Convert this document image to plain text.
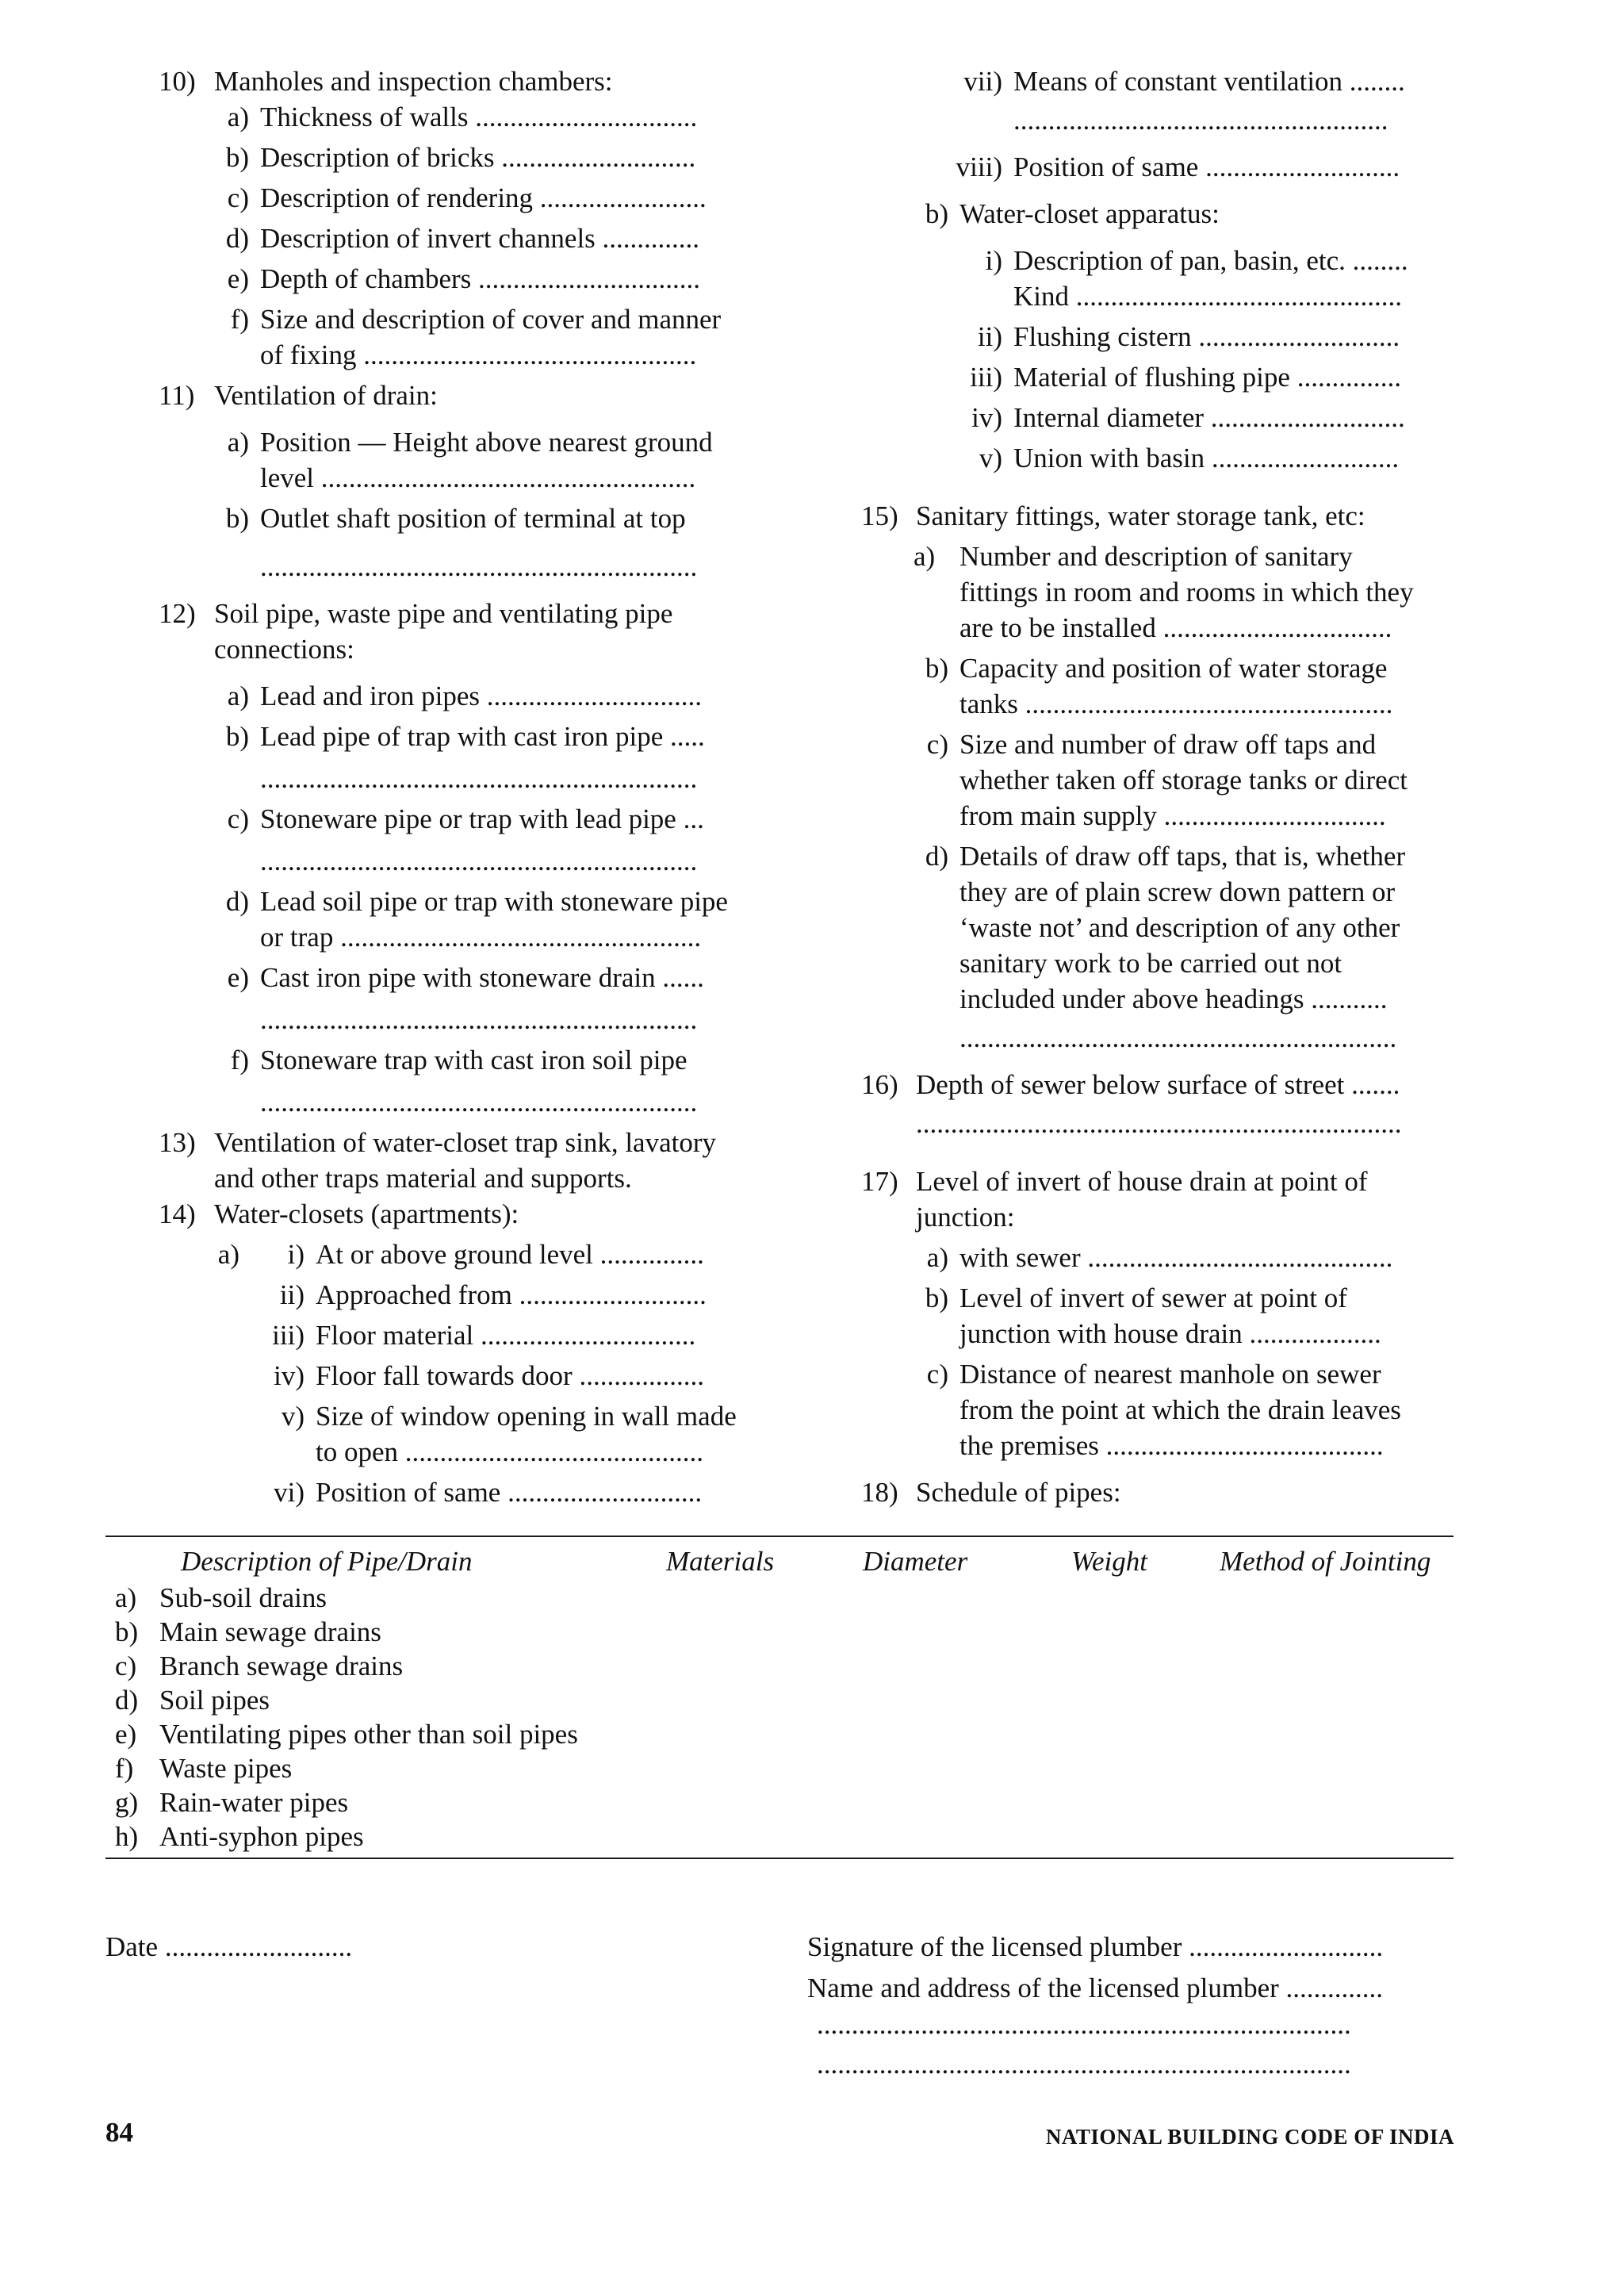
10) Manholes and inspection chambers:
a) Thickness of walls ................................
b) Description of bricks ............................
c) Description of rendering ........................
d) Description of invert channels ..............
e) Depth of chambers ................................
f) Size and description of cover and manner
of fixing ................................................
11) Ventilation of drain:
a) Position — Height above nearest ground
level ......................................................
b) Outlet shaft position of terminal at top
...............................................................
12) Soil pipe, waste pipe and ventilating pipe
connections:
a) Lead and iron pipes ...............................
b) Lead pipe of trap with cast iron pipe .....
...............................................................
c) Stoneware pipe or trap with lead pipe ...
...............................................................
d) Lead soil pipe or trap with stoneware pipe
or trap ....................................................
e) Cast iron pipe with stoneware drain ......
...............................................................
f) Stoneware trap with cast iron soil pipe
...............................................................
13) Ventilation of water-closet trap sink, lavatory
and other traps material and supports.
14) Water-closets (apartments):
a)	i) At or above ground level ...............
ii) Approached from ...........................
iii) Floor material ...............................
iv) Floor fall towards door ..................
v) Size of window opening in wall made
to open ...........................................
vi) Position of same ............................
vii) Means of constant ventilation ........
......................................................
viii) Position of same ............................
b) Water-closet apparatus:
i) Description of pan, basin, etc. ........
Kind ...............................................
ii) Flushing cistern .............................
iii) Material of flushing pipe ...............
iv) Internal diameter ............................
v) Union with basin ...........................
15) Sanitary fittings, water storage tank, etc:
a) Number and description of sanitary
fittings in room and rooms in which they
are to be installed .................................
b) Capacity and position of water storage
tanks .....................................................
c) Size and number of draw off taps and
whether taken off storage tanks or direct
from main supply ................................
d) Details of draw off taps, that is, whether
they are of plain screw down pattern or
‘waste not’ and description of any other
sanitary work to be carried out not
included under above headings ...........
...............................................................
16) Depth of sewer below surface of street .......
......................................................................
17) Level of invert of house drain at point of
junction:
a) with sewer ............................................
b) Level of invert of sewer at point of
junction with house drain ...................
c) Distance of nearest manhole on sewer
from the point at which the drain leaves
the premises ........................................
18) Schedule of pipes:
Description of Pipe/Drain	Materials	Diameter	Weight	Method of Jointing
a) Sub-soil drains
b) Main sewage drains
c) Branch sewage drains
d) Soil pipes
e) Ventilating pipes other than soil pipes
f) Waste pipes
g) Rain-water pipes
h) Anti-syphon pipes
Date ...........................	Signature of the licensed plumber ............................
Name and address of the licensed plumber ..............
.............................................................................
.............................................................................
84	NATIONAL BUILDING CODE OF INDIA
